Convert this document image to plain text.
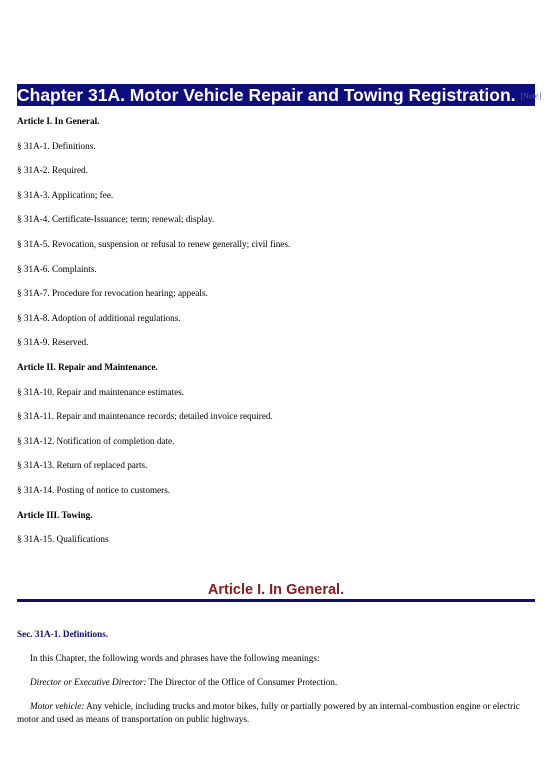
Chapter 31A. Motor Vehicle Repair and Towing Registration. [Note]
Article I. In General.
§ 31A-1. Definitions.
§ 31A-2. Required.
§ 31A-3. Application; fee.
§ 31A-4. Certificate-Issuance; term; renewal; display.
§ 31A-5. Revocation, suspension or refusal to renew generally; civil fines.
§ 31A-6. Complaints.
§ 31A-7. Procedure for revocation hearing; appeals.
§ 31A-8. Adoption of additional regulations.
§ 31A-9. Reserved.
Article II. Repair and Maintenance.
§ 31A-10. Repair and maintenance estimates.
§ 31A-11. Repair and maintenance records; detailed invoice required.
§ 31A-12. Notification of completion date.
§ 31A-13. Return of replaced parts.
§ 31A-14. Posting of notice to customers.
Article III. Towing.
§ 31A-15. Qualifications
Article I. In General.
Sec. 31A-1. Definitions.
In this Chapter, the following words and phrases have the following meanings:
Director or Executive Director: The Director of the Office of Consumer Protection.
Motor vehicle: Any vehicle, including trucks and motor bikes, fully or partially powered by an internal-combustion engine or electric motor and used as means of transportation on public highways.
